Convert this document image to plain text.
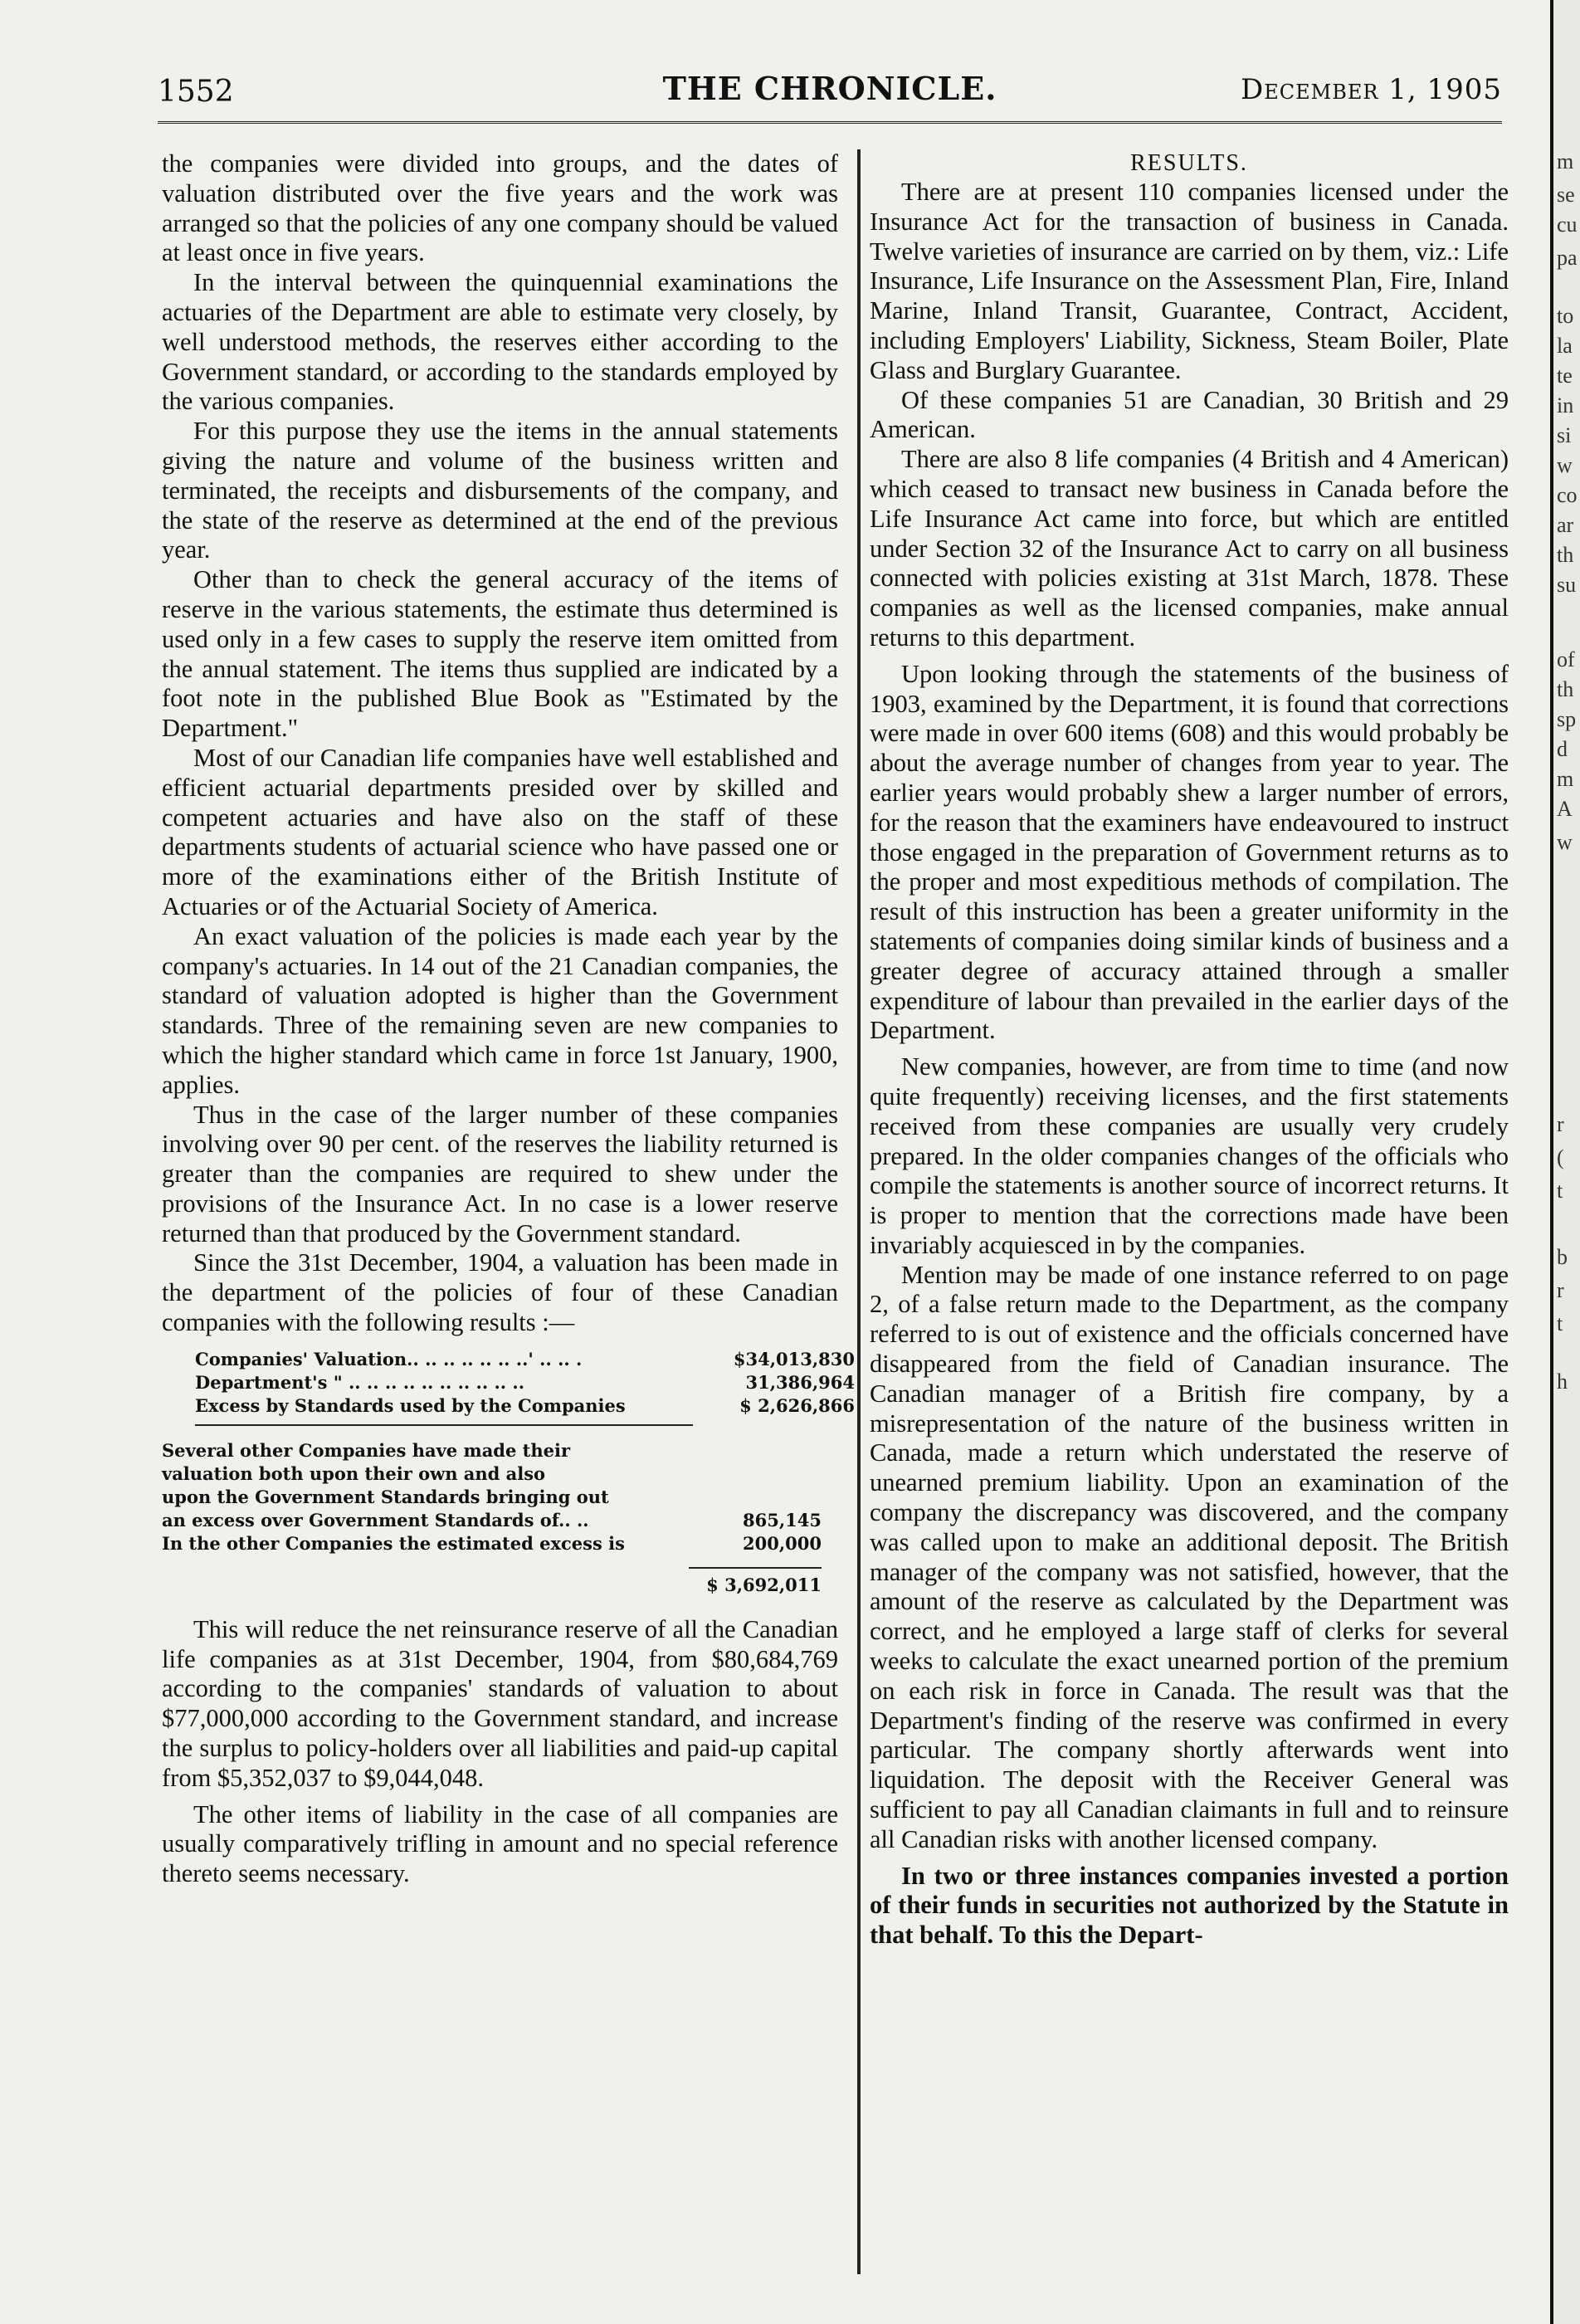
1552	THE CHRONICLE.	December 1, 1905

the companies were divided into groups, and the dates of valuation distributed over the five years and the work was arranged so that the policies of any one company should be valued at least once in five years.

In the interval between the quinquennial examinations the actuaries of the Department are able to estimate very closely, by well understood methods, the reserves either according to the Government standard, or according to the standards employed by the various companies.

For this purpose they use the items in the annual statements giving the nature and volume of the business written and terminated, the receipts and disbursements of the company, and the state of the reserve as determined at the end of the previous year.

Other than to check the general accuracy of the items of reserve in the various statements, the estimate thus determined is used only in a few cases to supply the reserve item omitted from the annual statement. The items thus supplied are indicated by a foot note in the published Blue Book as "Estimated by the Department."

Most of our Canadian life companies have well established and efficient actuarial departments presided over by skilled and competent actuaries and have also on the staff of these departments students of actuarial science who have passed one or more of the examinations either of the British Institute of Actuaries or of the Actuarial Society of America.

An exact valuation of the policies is made each year by the company's actuaries. In 14 out of the 21 Canadian companies, the standard of valuation adopted is higher than the Government standards. Three of the remaining seven are new companies to which the higher standard which came in force 1st January, 1900, applies.

Thus in the case of the larger number of these companies involving over 90 per cent. of the reserves the liability returned is greater than the companies are required to shew under the provisions of the Insurance Act. In no case is a lower reserve returned than that produced by the Government standard.

Since the 31st December, 1904, a valuation has been made in the department of the policies of four of these Canadian companies with the following results :—

Companies' Valuation.. .. .. .. .. .. ..' .. .. .	$34,013,830
Department's " .. .. .. .. .. .. .. .. .. ..	31,386,964
Excess by Standards used by the Companies	$ 2,626,866
Several other Companies have made their
valuation both upon their own and also
upon the Government Standards bringing out
an excess over Government Standards of.. ..	865,145
In the other Companies the estimated excess is	200,000
$ 3,692,011

This will reduce the net reinsurance reserve of all the Canadian life companies as at 31st December, 1904, from $80,684,769 according to the companies' standards of valuation to about $77,000,000 according to the Government standard, and increase the surplus to policy-holders over all liabilities and paid-up capital from $5,352,037 to $9,044,048.

The other items of liability in the case of all companies are usually comparatively trifling in amount and no special reference thereto seems necessary.

RESULTS.

There are at present 110 companies licensed under the Insurance Act for the transaction of business in Canada. Twelve varieties of insurance are carried on by them, viz.: Life Insurance, Life Insurance on the Assessment Plan, Fire, Inland Marine, Inland Transit, Guarantee, Contract, Accident, including Employers' Liability, Sickness, Steam Boiler, Plate Glass and Burglary Guarantee.

Of these companies 51 are Canadian, 30 British and 29 American.

There are also 8 life companies (4 British and 4 American) which ceased to transact new business in Canada before the Life Insurance Act came into force, but which are entitled under Section 32 of the Insurance Act to carry on all business connected with policies existing at 31st March, 1878. These companies as well as the licensed companies, make annual returns to this department.

Upon looking through the statements of the business of 1903, examined by the Department, it is found that corrections were made in over 600 items (608) and this would probably be about the average number of changes from year to year. The earlier years would probably shew a larger number of errors, for the reason that the examiners have endeavoured to instruct those engaged in the preparation of Government returns as to the proper and most expeditious methods of compilation. The result of this instruction has been a greater uniformity in the statements of companies doing similar kinds of business and a greater degree of accuracy attained through a smaller expenditure of labour than prevailed in the earlier days of the Department.

New companies, however, are from time to time (and now quite frequently) receiving licenses, and the first statements received from these companies are usually very crudely prepared. In the older companies changes of the officials who compile the statements is another source of incorrect returns. It is proper to mention that the corrections made have been invariably acquiesced in by the companies.

Mention may be made of one instance referred to on page 2, of a false return made to the Department, as the company referred to is out of existence and the officials concerned have disappeared from the field of Canadian insurance. The Canadian manager of a British fire company, by a misrepresentation of the nature of the business written in Canada, made a return which understated the reserve of unearned premium liability. Upon an examination of the company the discrepancy was discovered, and the company was called upon to make an additional deposit. The British manager of the company was not satisfied, however, that the amount of the reserve as calculated by the Department was correct, and he employed a large staff of clerks for several weeks to calculate the exact unearned portion of the premium on each risk in force in Canada. The result was that the Department's finding of the reserve was confirmed in every particular. The company shortly afterwards went into liquidation. The deposit with the Receiver General was sufficient to pay all Canadian claimants in full and to reinsure all Canadian risks with another licensed company.

In two or three instances companies invested a portion of their funds in securities not authorized by the Statute in that behalf. To this the Depart-

m
se
cu
pa
to
la
te
in
si
w
co
ar
th
su
of
th
sp
d
m
A
w
r
(
t
b
r
t
h
